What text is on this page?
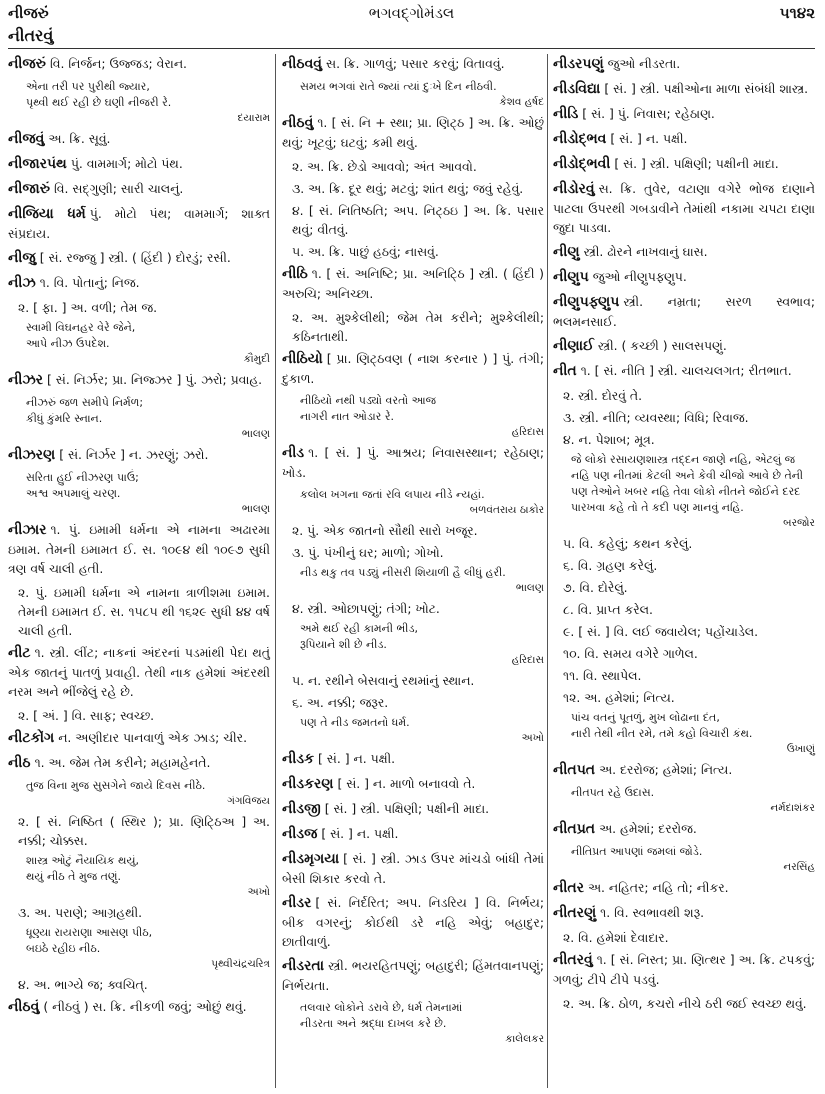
નીજરું	ભગવદ્ગોમંડલ	૫૧૪૨
નીતરવું
નીજરું વિ. નિર્જન; ઉજ્જડ; વેરાન.
એના તરી પર પુરીથી જ્યાર,
પૃથ્વી થઈ રહી છે ઘણી નીજરી રે.
દયારામ
નીજવું અ. ક્રિ. સૂવું.
નીજારપંથ પું. વામમાર્ગ; મોટો પંથ.
નીજારું વિ. સદ્ગુણી; સારી ચાલનું.
નીજિયા ધર્મ પું. મોટો પંથ; વામમાર્ગ; શાક્ત સંપ્રદાય.
નીજુ [ સં. રજ્જુ ] સ્ત્રી. ( હિંદી ) દોરડું; રસી.
નીઝ ૧. વિ. પોતાનું; નિજ.
૨. [ ફા. ] અ. વળી; તેમ જ.
સ્વામી વિઘનહર વેરે જેને,
આપે નીઝ ઉપદેશ.
કૌમુદી
નીઝર [ સં. નિર્ઝર; પ્રા. નિજ્ઝર ] પું. ઝરો; પ્રવાહ.
નીઝરું જળ સમીપે નિર્મળ;
કીધું કુંમરિ સ્નાન.
ભાલણ
નીઝરણ [ સં. નિર્ઝર ] ન. ઝરણું; ઝરો.
સરિતા હુઈ નીઝરણ પાઉં;
અશ્વ અપમાલું ચરણ.
ભાલણ
નીઝાર ૧. પું. ઇમામી ધર્મના એ નામના અઢારમા ઇમામ. તેમની ઇમામત ઈ. સ. ૧૦૯૪ થી ૧૦૯૭ સુધી ત્રણ વર્ષ ચાલી હતી.
૨. પું. ઇમામી ધર્મના એ નામના ત્રાળીશમા ઇમામ. તેમની ઇમામત ઈ. સ. ૧૫૮૫ થી ૧૬૨૯ સુધી ૪૪ વર્ષ ચાલી હતી.
નીટ ૧. સ્ત્રી. લીંટ; નાકનાં અંદરનાં પડમાંથી પેદા થતું એક જાતનું પાતળું પ્રવાહી. તેથી નાક હમેશાં અંદરથી નરમ અને ભીંજેલું રહે છે.
૨. [ અં. ] વિ. સાફ; સ્વચ્છ.
નીટકોંગ ન. અણીદાર પાનવાળું એક ઝાડ; ચીર.
નીઠ ૧. અ. જેમ તેમ કરીને; મહામહેનતે.
તુજ વિના મુજ સુસગેને જાયે દિવસ નીઠે.
ગંગવિજય
૨. [ સં. નિષ્ઠિત ( સ્થિર ); પ્રા. ણિટ્ઠિઅ ] અ. નક્કી; ચોક્કસ.
શાસ્ત્ર ઓટું નૈયાયિક થયું,
થયું નીઠ તે મુજ તણું.
અખો
૩. અ. પરાણે; આગ્રહથી.
ધૂણ્યા રાયરાણા આસણ પીઠ,
બઇઠે રહીઇ નીઠ.
પૃથ્વીચંદ્રચરિત્ર
૪. અ. ભાગ્યે જ; ક્વચિત્.
નીઠવું ( નીઠવું ) સ. ક્રિ. નીકળી જવું; ઓછું થવું.
નીઠવવું સ. ક્રિ. ગાળવું; પસાર કરવું; વિતાવવું.
સમય ભગવાં રાતે જ્યાં ત્યાં દુઃખે દિન નીઠવી.
કેશવ હર્ષદ
નીઠવું ૧. [ સં. નિ + સ્થા; પ્રા. ણિટ્ઠ ] અ. ક્રિ. ઓછું થવું; ખૂટવું; ઘટવું; કમી થવું.
૨. અ. ક્રિ. છેડો આવવો; અંત આવવો.
૩. અ. ક્રિ. દૂર થવું; મટવું; શાંત થવું; જવું રહેવું.
૪. [ સં. નિતિષ્ઠતિ; અપ. નિટ્ઠઇ ] અ. ક્રિ. પસાર થવું; વીતવું.
૫. અ. ક્રિ. પાછું હઠવું; નાસવું.
નીઠિ ૧. [ સં. અનિષ્ટિ; પ્રા. અનિટ્ઠિ ] સ્ત્રી. ( હિંદી ) અરુચિ; અનિચ્છા.
૨. અ. મુશ્કેલીથી; જેમ તેમ કરીને; મુશ્કેલીથી; કઠિનતાથી.
નીઠિયો [ પ્રા. ણિટ્ઠવણ ( નાશ કરનાર ) ] પું. તંગી; દુકાળ.
નીઠિયો નથી પડ્યો વરતો આજ
નાગરી નાત ઓડાર રે.
હરિદાસ
નીડ ૧. [ સં. ] પું. આશ્રય; નિવાસસ્થાન; રહેઠાણ; ખોડ.
કલોલ ખગના જતાં રવિ લપાય નીડે ન્યહાં.
બળવંતરાય ઠાકોર
૨. પું. એક જાતનો સૌથી સારો ખજૂર.
૩. પું. પંખીનું ઘર; માળો; ગોખો.
નીડ થકુ તવ પડ્યું નીસરી શિયાળી હૈ લીધું હરી.
ભાલણ
૪. સ્ત્રી. ઓછાપણું; તંગી; ખોટ.
અમે થઈ રહી કામની ભીડ,
રૂપિયાને શી છે નીડ.
હરિદાસ
૫. ન. રથીને બેસવાનું રથમાંનું સ્થાન.
૬. અ. નક્કી; જરૂર.
પણ તે નીડ જમતનો ધર્મ.
અખો
નીડક [ સં. ] ન. પક્ષી.
નીડકરણ [ સં. ] ન. માળો બનાવવો તે.
નીડજી [ સં. ] સ્ત્રી. પક્ષિણી; પક્ષીની માદા.
નીડજ [ સં. ] ન. પક્ષી.
નીડમૃગયા [ સં. ] સ્ત્રી. ઝાડ ઉપર માંચડો બાંધી તેમાં બેસી શિકાર કરવો તે.
નીડર [ સં. નિર્દરિત; અપ. નિડરિય ] વિ. નિર્ભય; બીક વગરનું; કોઈથી ડરે નહિ એવું; બહાદુર; છાતીવાળું.
નીડરતા સ્ત્રી. ભયરહિતપણું; બહાદુરી; હિંમતવાનપણું; નિર્ભયતા.
તલવાર લોકોને ડરાવે છે, ધર્મ તેમનામાં
નીડરતા અને શ્રદ્ધા દાખલ કરે છે.
કાલેલકર
નીડરપણું જુઓ નીડરતા.
નીડવિદ્યા [ સં. ] સ્ત્રી. પક્ષીઓના માળા સંબંધી શાસ્ત્ર.
નીડિ [ સં. ] પું. નિવાસ; રહેઠાણ.
નીડોદ્ભવ [ સં. ] ન. પક્ષી.
નીડોદ્ભવી [ સં. ] સ્ત્રી. પક્ષિણી; પક્ષીની માદા.
નીડોરવું સ. ક્રિ. તુવેર, વટાણા વગેરે ભોજ દાણાને પાટલા ઉપરથી ગબડાવીને તેમાંથી નકામા ચપટા દાણા જુદા પાડવા.
નીણુ સ્ત્રી. ઢોરને નાખવાનું ઘાસ.
નીણુપ જુઓ નીણુપફ્ણુપ.
નીણુપફ્ણુપ સ્ત્રી. નમ્રતા; સરળ સ્વભાવ; ભલમનસાઈ.
નીણાઈ સ્ત્રી. ( કચ્છી ) સાલસપણું.
નીત ૧. [ સં. નીતિ ] સ્ત્રી. ચાલચલગત; રીતભાત.
૨. સ્ત્રી. દોરવું તે.
૩. સ્ત્રી. નીતિ; વ્યવસ્થા; વિધિ; રિવાજ.
૪. ન. પેશાબ; મૂત્ર.
જે લોકો રસાયણશાસ્ત્ર તદ્દન જાણે નહિ, એટલું જ નહિ પણ નીતમાં કેટલી અને કેવી ચીજો આવે છે તેની પણ તેઓને ખબર નહિ તેવા લોકો નીતને જોઈને દરદ પારખવા કહે તો તે કદી પણ માનવું નહિ.
બરજોર
૫. વિ. કહેલું; કથન કરેલું.
૬. વિ. ગ્રહણ કરેલું.
૭. વિ. દોરેલું.
૮. વિ. પ્રાપ્ત કરેલ.
૯. [ સં. ] વિ. લઈ જવાયેલ; પહોંચાડેલ.
૧૦. વિ. સમય વગેરે ગાળેલ.
૧૧. વિ. સ્થાપેલ.
૧૨. અ. હમેશાં; નિત્ય.
પાંચ વતનું પૂતળું, મુખ લોઢાના દંત,
નારી તેથી નીત રમે, તમે કહો વિચારી કંથ.
ઉખાણું
નીતપત અ. દરરોજ; હમેશાં; નિત્ય.
નીતપત રહે ઉદાસ.
નર્મદાશંકર
નીતપ્રત અ. હમેશાં; દરરોજ.
નીતિપ્રત આપણાં જમલાં જોડે.
નરસિંહ
નીતર અ. નહિતર; નહિ તો; નીકર.
નીતરણું ૧. વિ. સ્વભાવથી શરૂ.
૨. વિ. હમેશાં દેવાદાર.
નીતરવું ૧. [ સં. નિસ્ત; પ્રા. ણિત્થર ] અ. ક્રિ. ટપકવું; ગળવું; ટીપે ટીપે પડવું.
૨. અ. ક્રિ. ઠોળ, કચરો નીચે ઠરી જઈ સ્વચ્છ થવું.
